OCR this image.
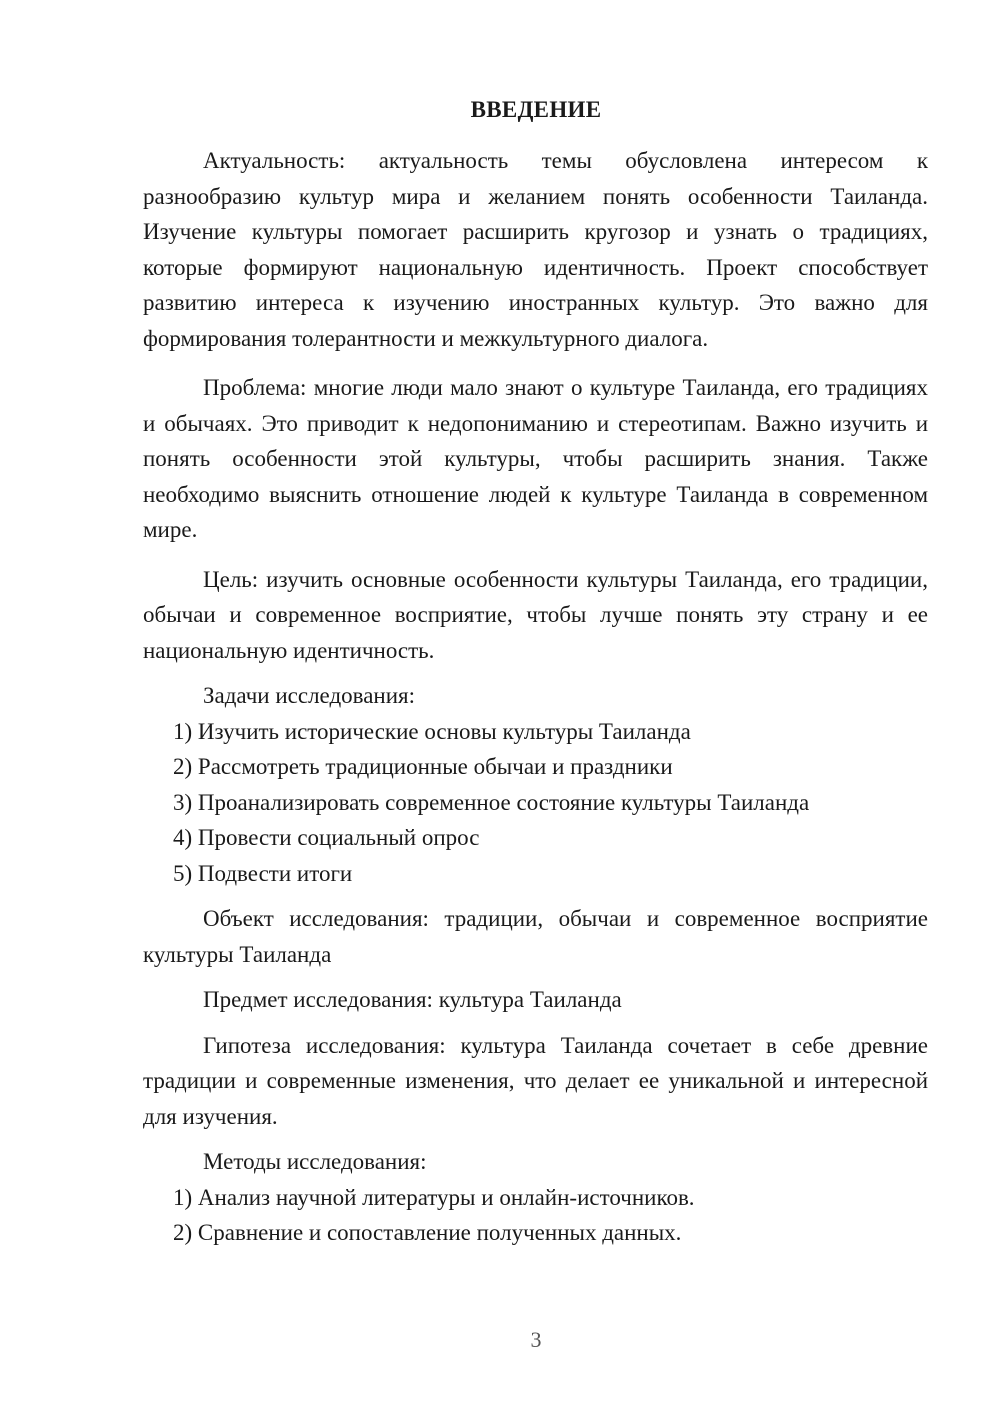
ВВЕДЕНИЕ

Актуальность: актуальность темы обусловлена интересом к разнообразию культур мира и желанием понять особенности Таиланда. Изучение культуры помогает расширить кругозор и узнать о традициях, которые формируют национальную идентичность. Проект способствует развитию интереса к изучению иностранных культур. Это важно для формирования толерантности и межкультурного диалога.

Проблема: многие люди мало знают о культуре Таиланда, его традициях и обычаях. Это приводит к недопониманию и стереотипам. Важно изучить и понять особенности этой культуры, чтобы расширить знания. Также необходимо выяснить отношение людей к культуре Таиланда в современном мире.

Цель: изучить основные особенности культуры Таиланда, его традиции, обычаи и современное восприятие, чтобы лучше понять эту страну и ее национальную идентичность.

Задачи исследования:

1) Изучить исторические основы культуры Таиланда

2) Рассмотреть традиционные обычаи и праздники

3) Проанализировать современное состояние культуры Таиланда

4) Провести социальный опрос

5) Подвести итоги

Объект исследования: традиции, обычаи и современное восприятие культуры Таиланда

Предмет исследования: культура Таиланда

Гипотеза исследования: культура Таиланда сочетает в себе древние традиции и современные изменения, что делает ее уникальной и интересной для изучения.

Методы исследования:

1) Анализ научной литературы и онлайн-источников.

2) Сравнение и сопоставление полученных данных.

3
